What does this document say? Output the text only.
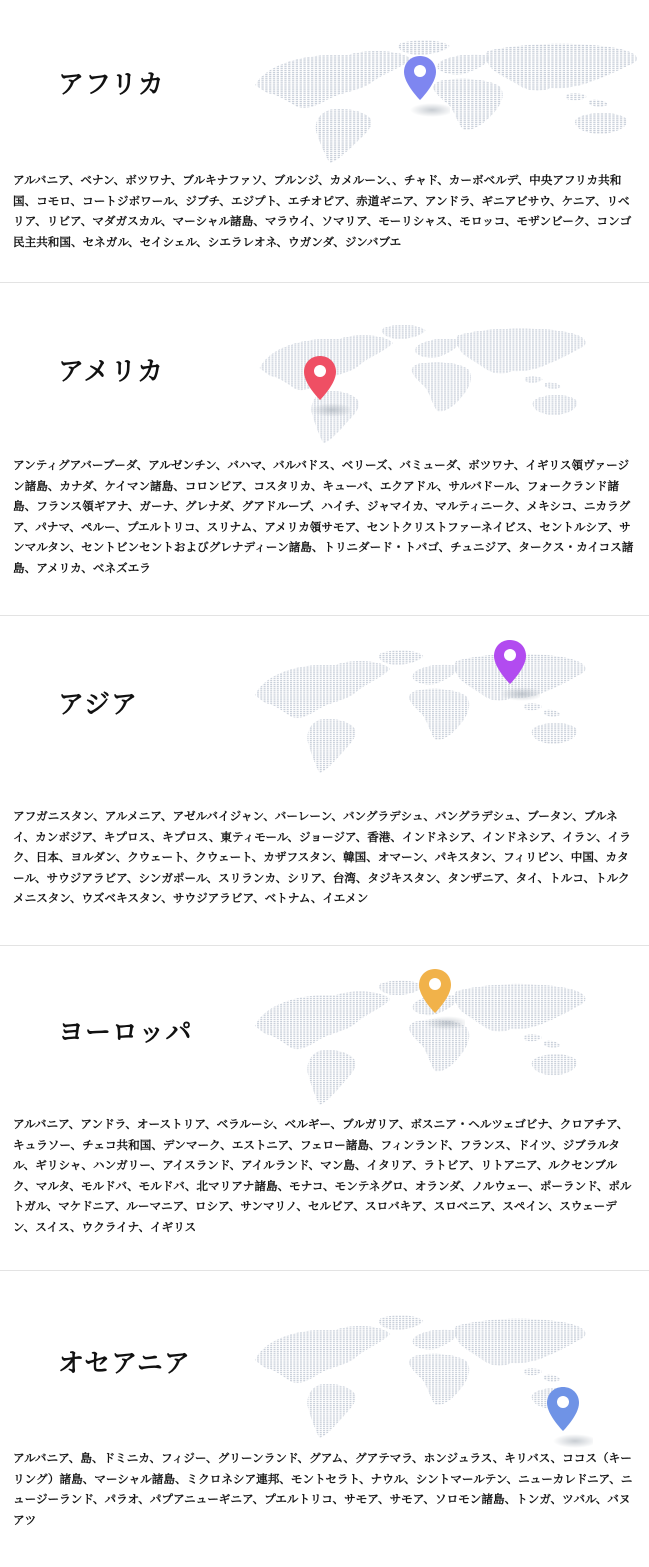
アフリカ

アルバニア、ベナン、ボツワナ、ブルキナファソ、ブルンジ、カメルーン、、チャド、カーボベルデ、中央アフリカ共和国、コモロ、コートジボワール、ジブチ、エジプト、エチオピア、赤道ギニア、アンドラ、ギニアビサウ、ケニア、リベリア、リビア、マダガスカル、マーシャル諸島、マラウイ、ソマリア、モーリシャス、モロッコ、モザンビーク、コンゴ民主共和国、セネガル、セイシェル、シエラレオネ、ウガンダ、ジンバブエ

アメリカ

アンティグアバーブーダ、アルゼンチン、バハマ、バルバドス、ベリーズ、バミューダ、ボツワナ、イギリス領ヴァージン諸島、カナダ、ケイマン諸島、コロンビア、コスタリカ、キューバ、エクアドル、サルバドール、フォークランド諸島、フランス領ギアナ、ガーナ、グレナダ、グアドループ、ハイチ、ジャマイカ、マルティニーク、メキシコ、ニカラグア、パナマ、ペルー、プエルトリコ、スリナム、アメリカ領サモア、セントクリストファーネイビス、セントルシア、サンマルタン、セントビンセントおよびグレナディーン諸島、トリニダード・トバゴ、チュニジア、タークス・カイコス諸島、アメリカ、ベネズエラ

アジア

アフガニスタン、アルメニア、アゼルバイジャン、バーレーン、バングラデシュ、バングラデシュ、ブータン、ブルネイ、カンボジア、キプロス、キプロス、東ティモール、ジョージア、香港、インドネシア、インドネシア、イラン、イラク、日本、ヨルダン、クウェート、クウェート、カザフスタン、韓国、オマーン、パキスタン、フィリピン、中国、カタール、サウジアラビア、シンガポール、スリランカ、シリア、台湾、タジキスタン、タンザニア、タイ、トルコ、トルクメニスタン、ウズベキスタン、サウジアラビア、ベトナム、イエメン

ヨーロッパ

アルバニア、アンドラ、オーストリア、ベラルーシ、ベルギー、ブルガリア、ボスニア・ヘルツェゴビナ、クロアチア、キュラソー、チェコ共和国、デンマーク、エストニア、フェロー諸島、フィンランド、フランス、ドイツ、ジブラルタル、ギリシャ、ハンガリー、アイスランド、アイルランド、マン島、イタリア、ラトビア、リトアニア、ルクセンブルク、マルタ、モルドバ、モルドバ、北マリアナ諸島、モナコ、モンテネグロ、オランダ、ノルウェー、ポーランド、ポルトガル、マケドニア、ルーマニア、ロシア、サンマリノ、セルビア、スロバキア、スロベニア、スペイン、スウェーデン、スイス、ウクライナ、イギリス

オセアニア

アルバニア、島、ドミニカ、フィジー、グリーンランド、グアム、グアテマラ、ホンジュラス、キリバス、ココス（キーリング）諸島、マーシャル諸島、ミクロネシア連邦、モントセラト、ナウル、シントマールテン、ニューカレドニア、ニュージーランド、パラオ、パプアニューギニア、プエルトリコ、サモア、サモア、ソロモン諸島、トンガ、ツバル、バヌアツ
